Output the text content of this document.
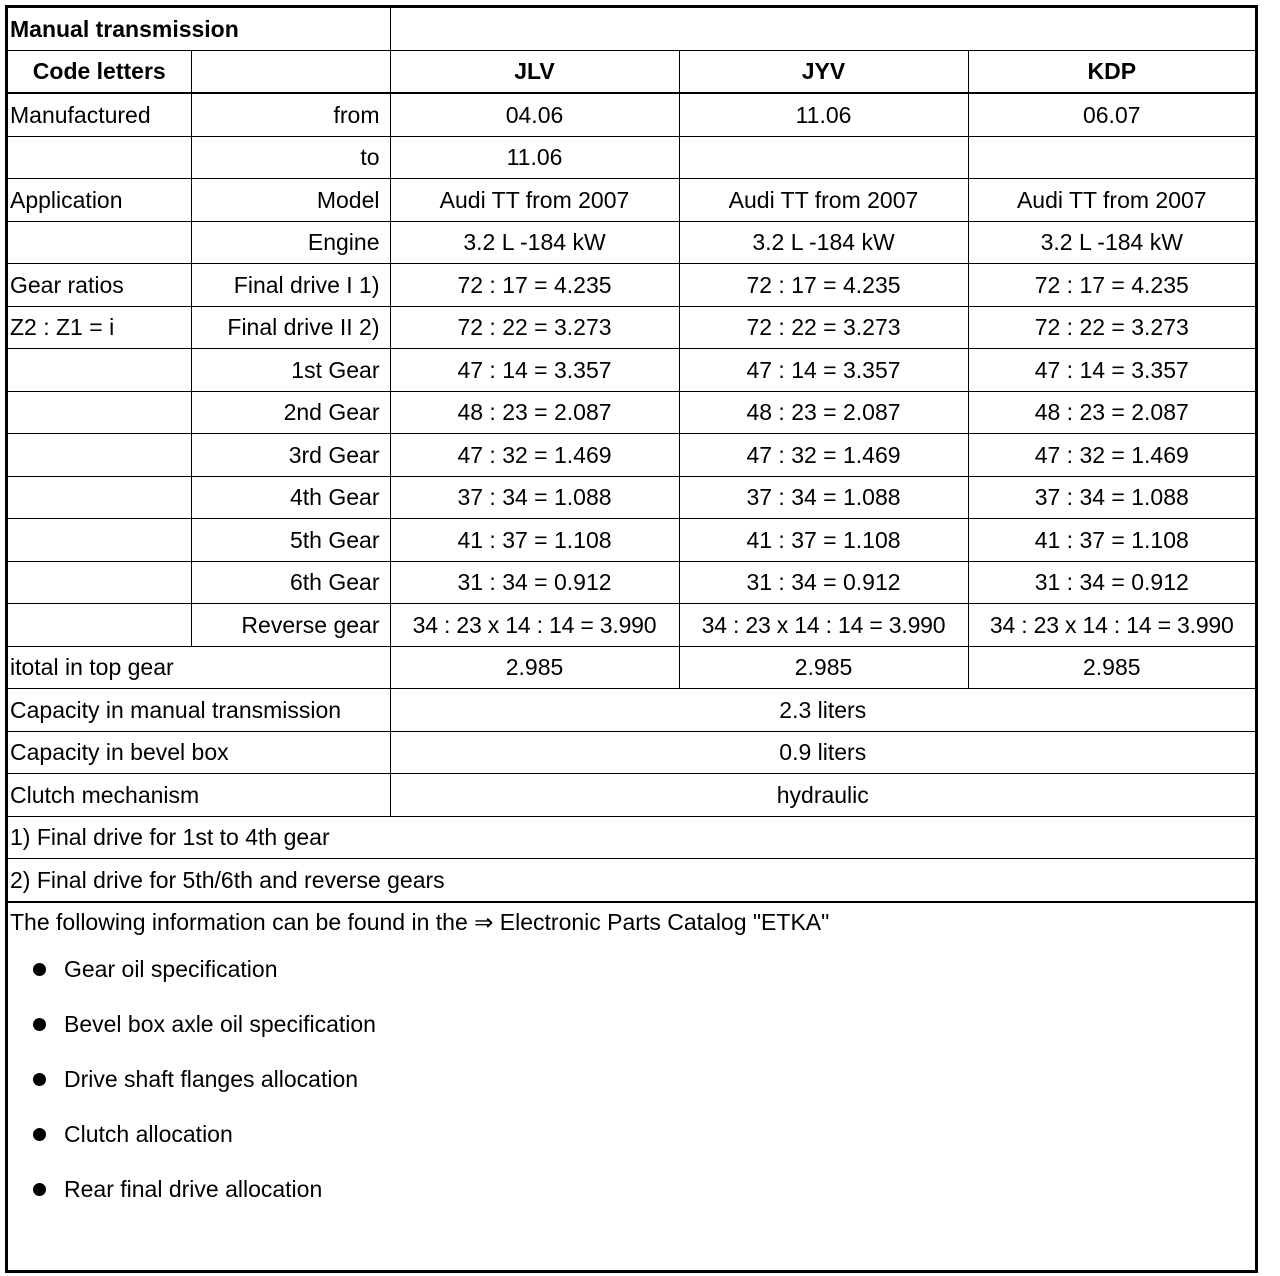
Manual transmission				
Code letters		JLV	JYV	KDP
Manufactured	from	04.06	11.06	06.07
	to	11.06		
Application	Model	Audi TT from 2007	Audi TT from 2007	Audi TT from 2007
	Engine	3.2 L -184 kW	3.2 L -184 kW	3.2 L -184 kW
Gear ratios	Final drive I 1)	72 : 17 = 4.235	72 : 17 = 4.235	72 : 17 = 4.235
Z2 : Z1 = i	Final drive II 2)	72 : 22 = 3.273	72 : 22 = 3.273	72 : 22 = 3.273
	1st Gear	47 : 14 = 3.357	47 : 14 = 3.357	47 : 14 = 3.357
	2nd Gear	48 : 23 = 2.087	48 : 23 = 2.087	48 : 23 = 2.087
	3rd Gear	47 : 32 = 1.469	47 : 32 = 1.469	47 : 32 = 1.469
	4th Gear	37 : 34 = 1.088	37 : 34 = 1.088	37 : 34 = 1.088
	5th Gear	41 : 37 = 1.108	41 : 37 = 1.108	41 : 37 = 1.108
	6th Gear	31 : 34 = 0.912	31 : 34 = 0.912	31 : 34 = 0.912
	Reverse gear	34 : 23 x 14 : 14 = 3.990	34 : 23 x 14 : 14 = 3.990	34 : 23 x 14 : 14 = 3.990
itotal in top gear		2.985	2.985	2.985
Capacity in manual transmission		2.3 liters		
Capacity in bevel box		0.9 liters		
Clutch mechanism		hydraulic		
1) Final drive for 1st to 4th gear				
2) Final drive for 5th/6th and reverse gears				
The following information can be found in the ⇒ Electronic Parts Catalog "ETKA"
Gear oil specification
Bevel box axle oil specification
Drive shaft flanges allocation
Clutch allocation
Rear final drive allocation
